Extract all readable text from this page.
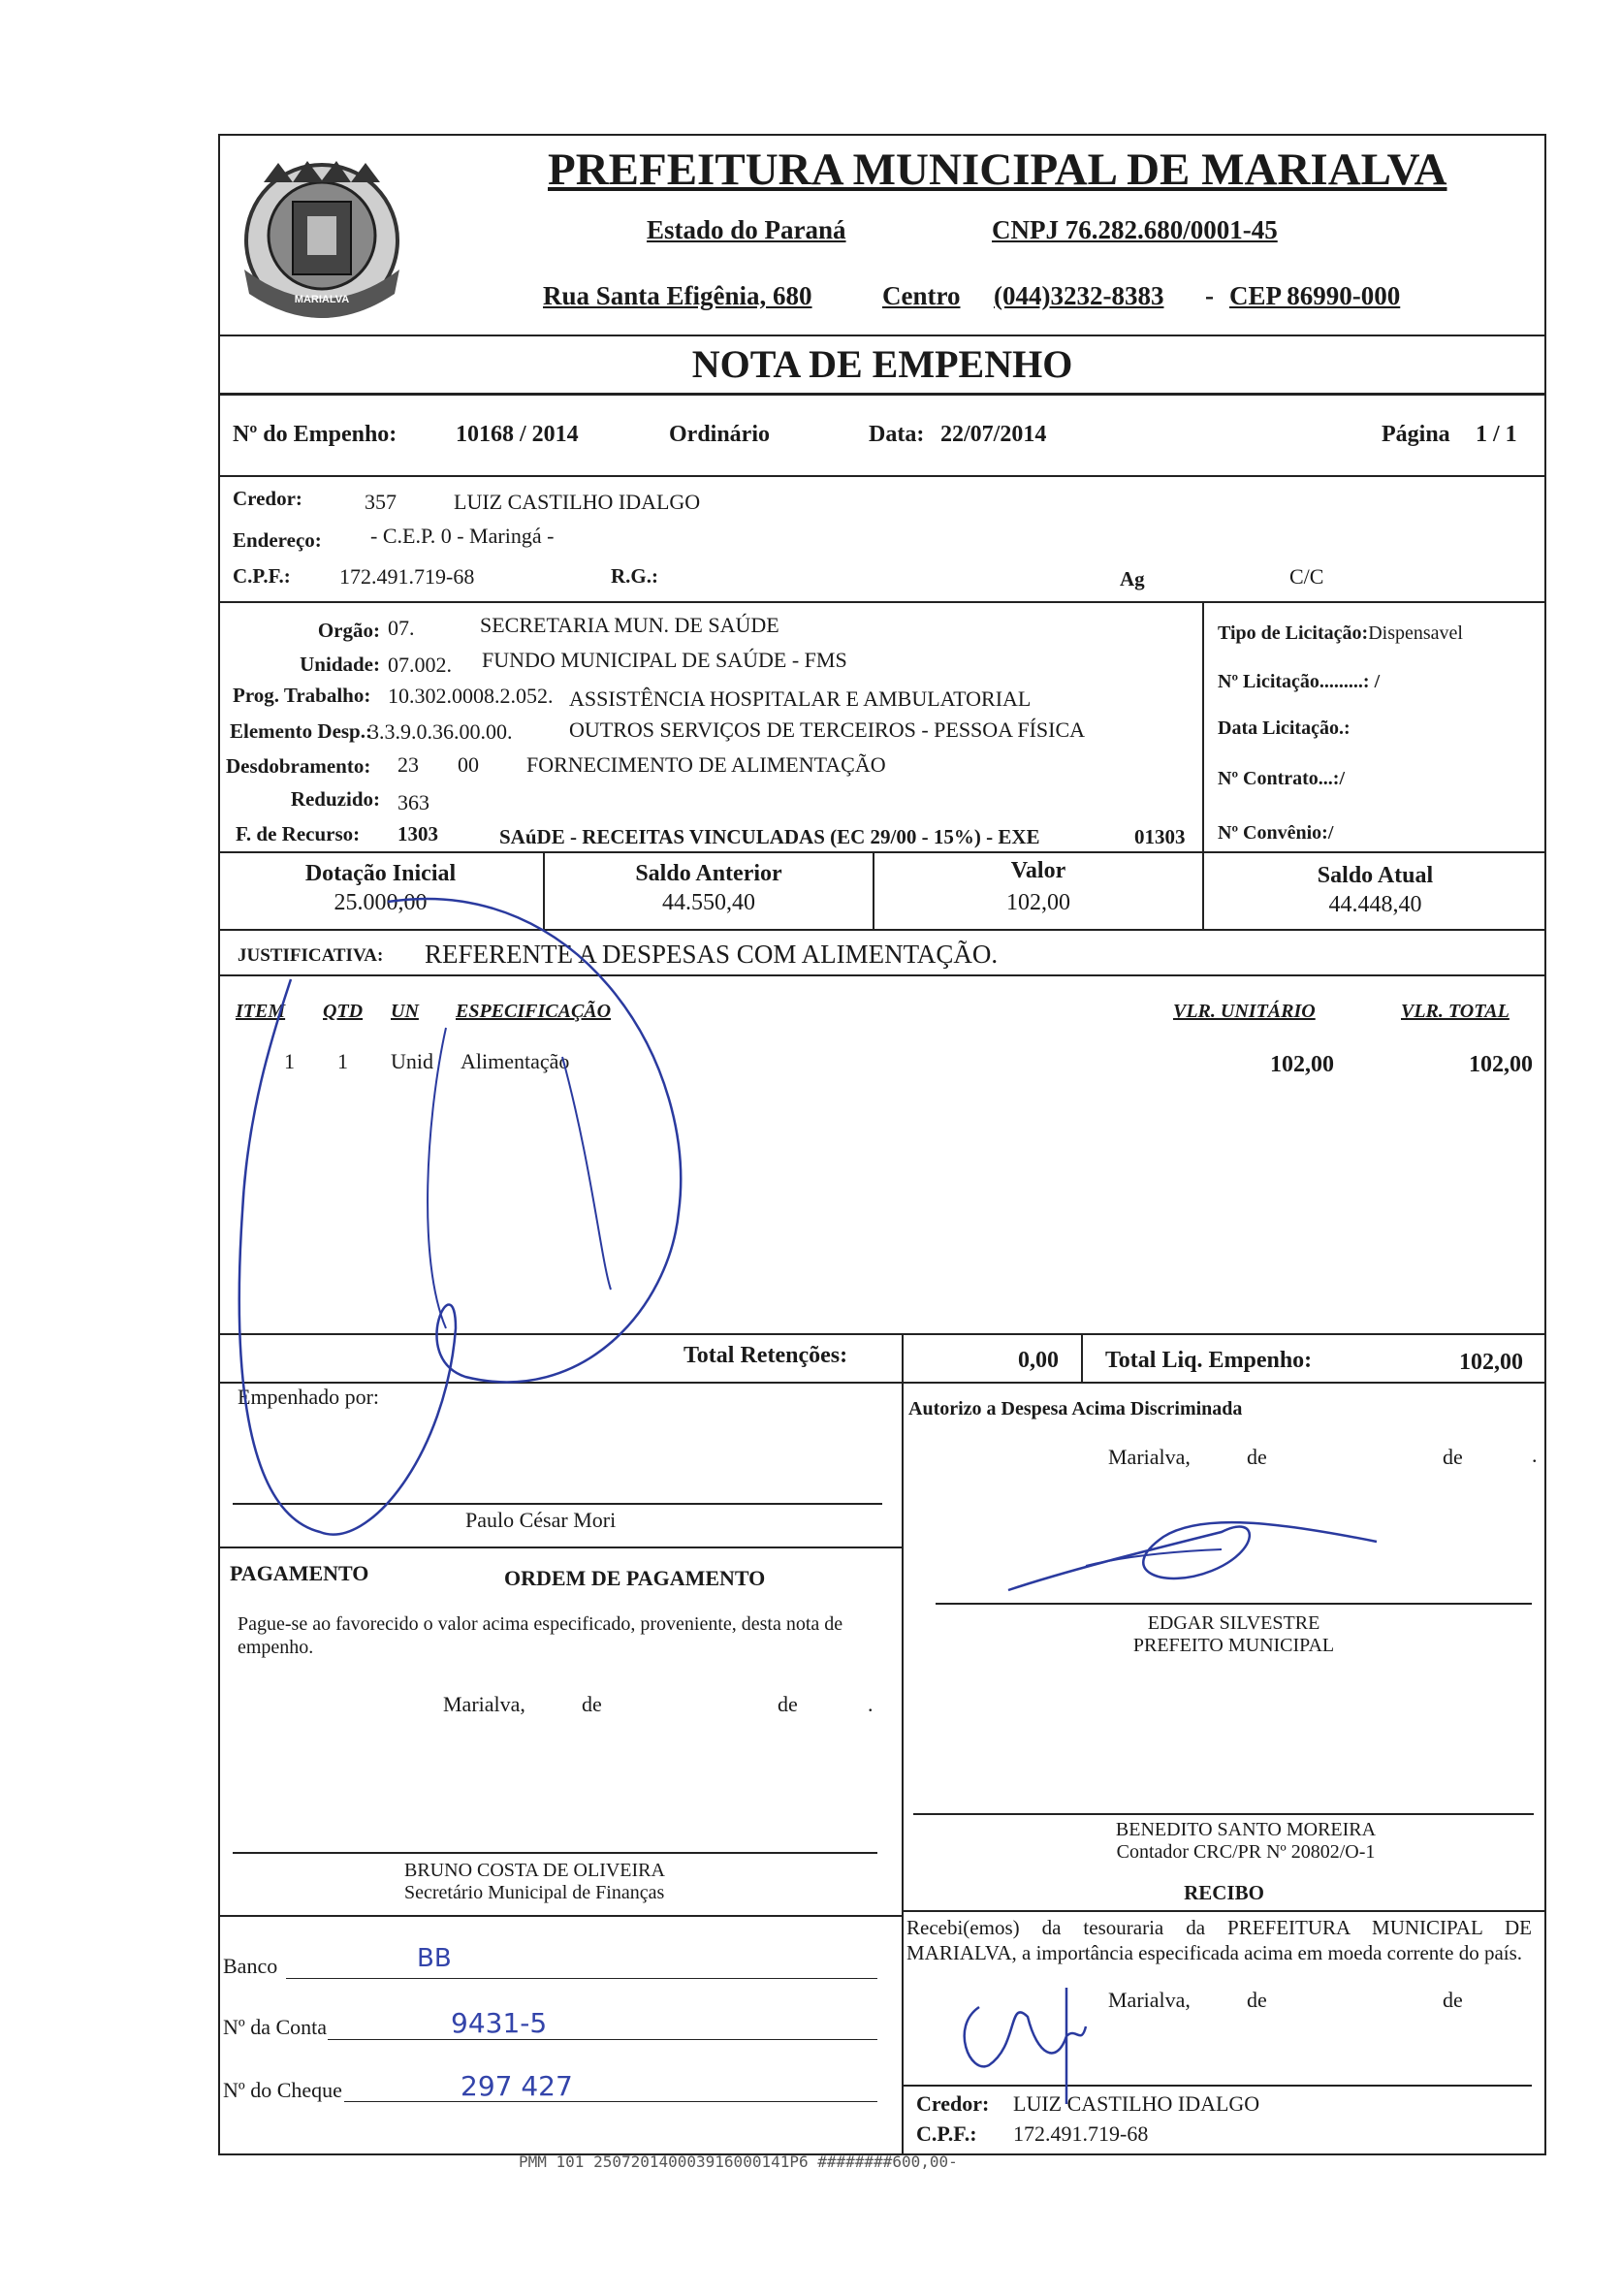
MARIALVA
PREFEITURA MUNICIPAL DE MARIALVA
Estado do Paraná	CNPJ 76.282.680/0001-45
Rua Santa Efigênia, 680	Centro (044)3232-8383 - CEP 86990-000
NOTA DE EMPENHO
Nº do Empenho:	10168 / 2014	Ordinário	Data: 22/07/2014	Página 1 / 1
Credor:	357	LUIZ CASTILHO IDALGO
Endereço: - C.E.P. 0 - Maringá -
C.P.F.: 172.491.719-68	R.G.:	Ag	C/C
Orgão: 07.	SECRETARIA MUN. DE SAÚDE
Unidade: 07.002. FUNDO MUNICIPAL DE SAÚDE - FMS
Prog. Trabalho: 10.302.0008.2.052. ASSISTÊNCIA HOSPITALAR E AMBULATORIAL
Elemento Desp.:
3.3.9.0.36.00.00.	OUTROS SERVIÇOS DE TERCEIROS - PESSOA FÍSICA
Desdobramento: 23 00 FORNECIMENTO DE ALIMENTAÇÃO
Reduzido: 363
F. de Recurso: 1303	SAúDE - RECEITAS VINCULADAS (EC 29/00 - 15%) - EXE	01303
Tipo de Licitação:Dispensavel
Nº Licitação.........: /
Data Licitação.:
Nº Contrato...:/
Nº Convênio:/
Dotação Inicial
25.000,00
Saldo Anterior
44.550,40
Valor
102,00
Saldo Atual
44.448,40
JUSTIFICATIVA: REFERENTE A DESPESAS COM ALIMENTAÇÃO.
ITEM QTD UN ESPECIFICAÇÃO	VLR. UNITÁRIO	VLR. TOTAL
1 1 Unid Alimentação	102,00	102,00
Total Retenções:	0,00 Total Liq. Empenho:	102,00
Empenhado por:
Paulo César Mori
Autorizo a Despesa Acima Discriminada
Marialva,	de	de	.
PAGAMENTO	ORDEM DE PAGAMENTO
Pague-se ao favorecido o valor acima especificado, proveniente, desta nota de empenho.
Marialva,	de	de	.
EDGAR SILVESTRE
PREFEITO MUNICIPAL
BENEDITO SANTO MOREIRA
Contador CRC/PR Nº 20802/O-1
BRUNO COSTA DE OLIVEIRA
Secretário Municipal de Finanças	RECIBO
Recebi(emos) da tesouraria da PREFEITURA MUNICIPAL DE MARIALVA, a importância especificada acima em moeda corrente do país.
Marialva,	de	de
Credor: LUIZ CASTILHO IDALGO
C.P.F.: 172.491.719-68
Banco	BB
Nº da Conta	9431-5
Nº do Cheque	297 427
PMM 101 250720140003916000141P6 ########600,00-
